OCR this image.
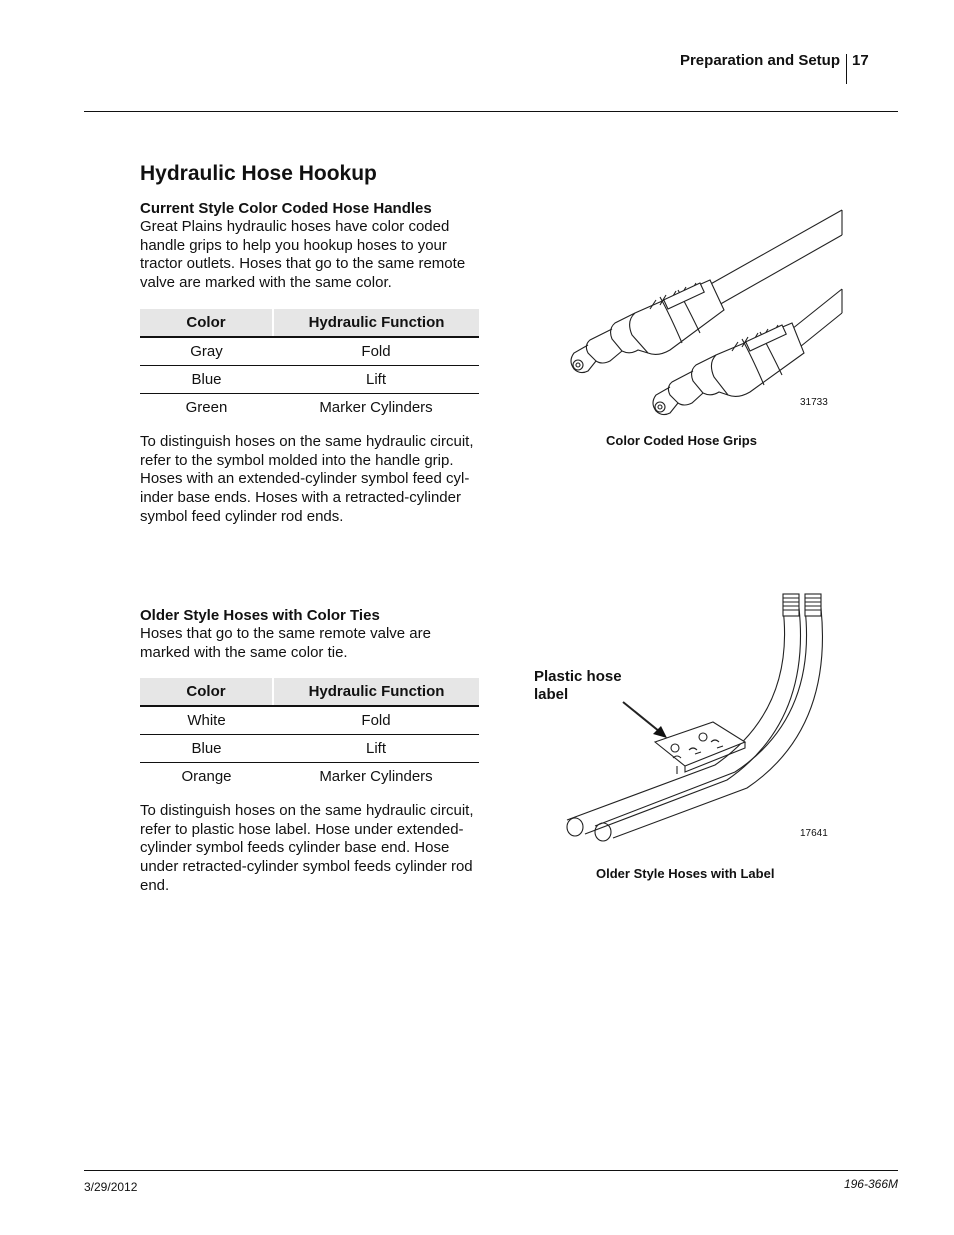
Preparation and Setup 17
Hydraulic Hose Hookup
Current Style Color Coded Hose Handles
Great Plains hydraulic hoses have color coded handle grips to help you hookup hoses to your tractor outlets. Hoses that go to the same remote valve are marked with the same color.
Color	Hydraulic Function
Gray	Fold
Blue	Lift
Green	Marker Cylinders
To distinguish hoses on the same hydraulic circuit, refer to the symbol molded into the handle grip. Hoses with an extended-cylinder symbol feed cyl-inder base ends. Hoses with a retracted-cylinder symbol feed cylinder rod ends.
31733
Color Coded Hose Grips
Older Style Hoses with Color Ties
Hoses that go to the same remote valve are marked with the same color tie.
Color	Hydraulic Function
White	Fold
Blue	Lift
Orange	Marker Cylinders
To distinguish hoses on the same hydraulic circuit, refer to plastic hose label. Hose under extended-cylinder symbol feeds cylinder base end. Hose under retracted-cylinder symbol feeds cylinder rod end.
Plastic hose label
17641
Older Style Hoses with Label
3/29/2012	196-366M
